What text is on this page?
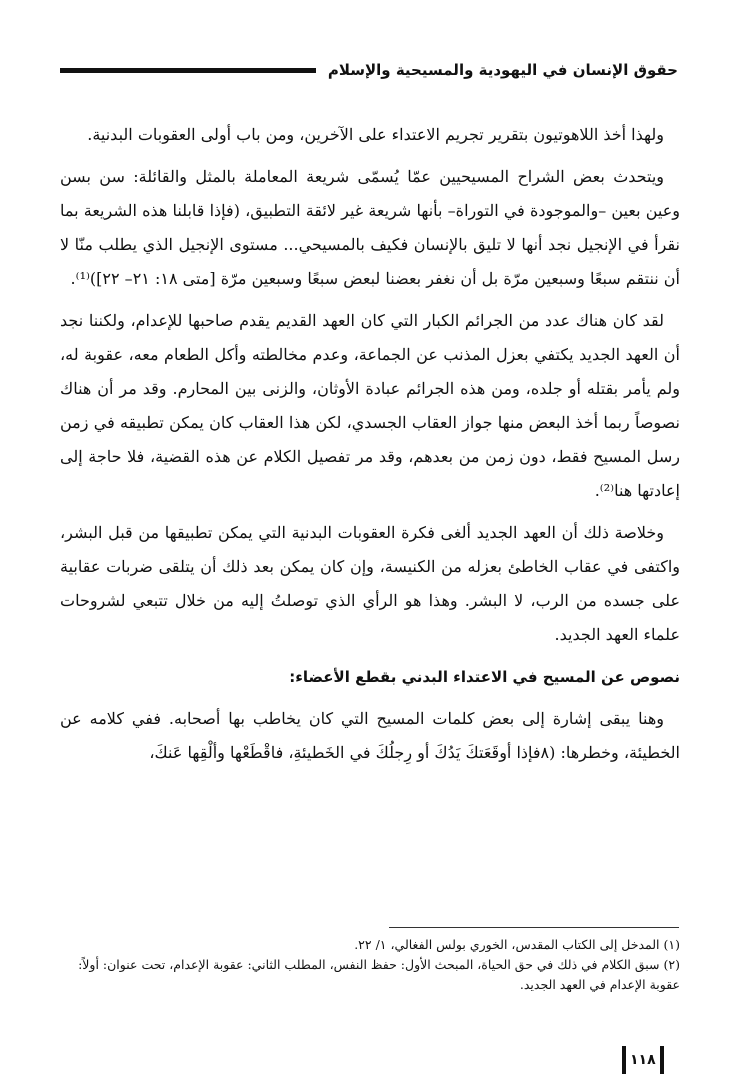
حقوق الإنسان في اليهودية والمسيحية والإسلام

ولهذا أخذ اللاهوتيون بتقرير تجريم الاعتداء على الآخرين، ومن باب أولى العقوبات البدنية.

ويتحدث بعض الشراح المسيحيين عمّا يُسمّى شريعة المعاملة بالمثل والقائلة: سن بسن وعين بعين –والموجودة في التوراة– بأنها شريعة غير لائقة التطبيق، (فإذا قابلنا هذه الشريعة بما نقرأ في الإنجيل نجد أنها لا تليق بالإنسان فكيف بالمسيحي... مستوى الإنجيل الذي يطلب منّا لا أن ننتقم سبعًا وسبعين مرّة بل أن نغفر بعضنا لبعض سبعًا وسبعين مرّة [متى ١٨: ٢١– ٢٢])⁽¹⁾.

لقد كان هناك عدد من الجرائم الكبار التي كان العهد القديم يقدم صاحبها للإعدام، ولكننا نجد أن العهد الجديد يكتفي بعزل المذنب عن الجماعة، وعدم مخالطته وأكل الطعام معه، عقوبة له، ولم يأمر بقتله أو جلده، ومن هذه الجرائم عبادة الأوثان، والزنى بين المحارم. وقد مر أن هناك نصوصاً ربما أخذ البعض منها جواز العقاب الجسدي، لكن هذا العقاب كان يمكن تطبيقه في زمن رسل المسيح فقط، دون زمن من بعدهم، وقد مر تفصيل الكلام عن هذه القضية، فلا حاجة إلى إعادتها هنا⁽²⁾.

وخلاصة ذلك أن العهد الجديد ألغى فكرة العقوبات البدنية التي يمكن تطبيقها من قبل البشر، واكتفى في عقاب الخاطئ بعزله من الكنيسة، وإن كان يمكن بعد ذلك أن يتلقى ضربات عقابية على جسده من الرب، لا البشر. وهذا هو الرأي الذي توصلتُ إليه من خلال تتبعي لشروحات علماء العهد الجديد.

نصوص عن المسيح في الاعتداء البدني بقطع الأعضاء:

وهنا يبقى إشارة إلى بعض كلمات المسيح التي كان يخاطب بها أصحابه. ففي كلامه عن الخطيئة، وخطرها: (٨فإذا أوقَعَتكَ يَدُكَ أو رِجلُكَ في الخَطيئةِ، فاقْطَعْها وألْقِها عَنكَ،

(١) المدخل إلى الكتاب المقدس، الخوري بولس الفغالي، ١/ ٢٢.

(٢) سبق الكلام في ذلك في حق الحياة، المبحث الأول: حفظ النفس، المطلب الثاني: عقوبة الإعدام، تحت عنوان: أولاً: عقوبة الإعدام في العهد الجديد.

١١٨
